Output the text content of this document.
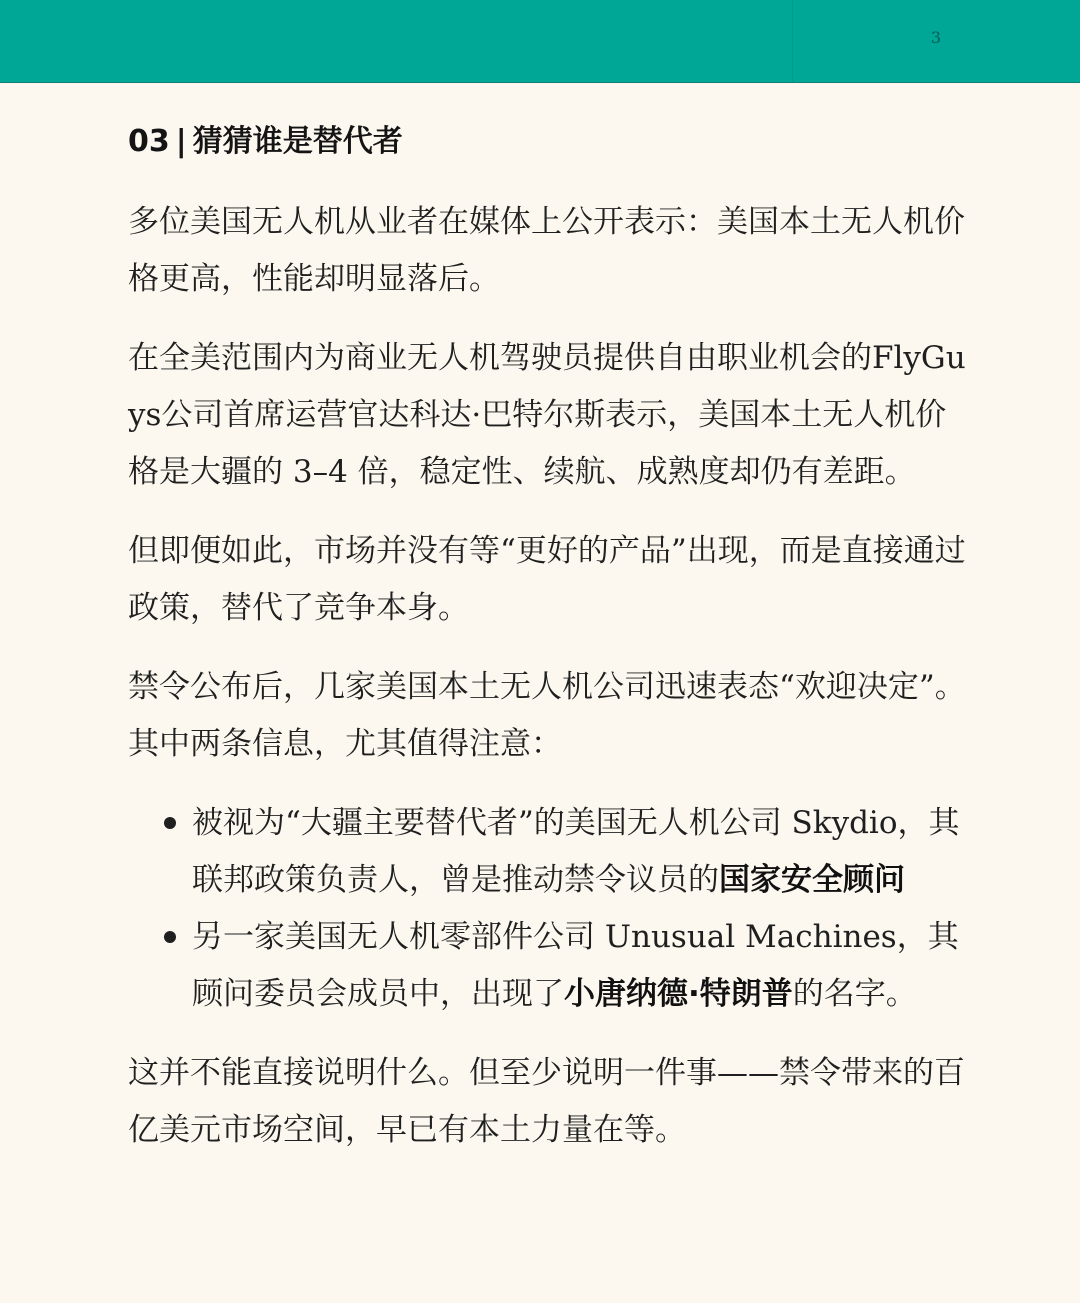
3
03 | 猜猜谁是替代者

多位美国无人机从业者在媒体上公开表示：美国本土无人机价格更高，性能却明显落后。

在全美范围内为商业无人机驾驶员提供自由职业机会的FlyGuys公司首席运营官达科达·巴特尔斯表示，美国本土无人机价格是大疆的 3–4 倍，稳定性、续航、成熟度却仍有差距。

但即便如此，市场并没有等“更好的产品”出现，而是直接通过政策，替代了竞争本身。

禁令公布后，几家美国本土无人机公司迅速表态“欢迎决定”。其中两条信息，尤其值得注意：

被视为“大疆主要替代者”的美国无人机公司 Skydio，其联邦政策负责人，曾是推动禁令议员的国家安全顾问
另一家美国无人机零部件公司 Unusual Machines，其顾问委员会成员中，出现了小唐纳德·特朗普的名字。

这并不能直接说明什么。但至少说明一件事——禁令带来的百亿美元市场空间，早已有本土力量在等。
